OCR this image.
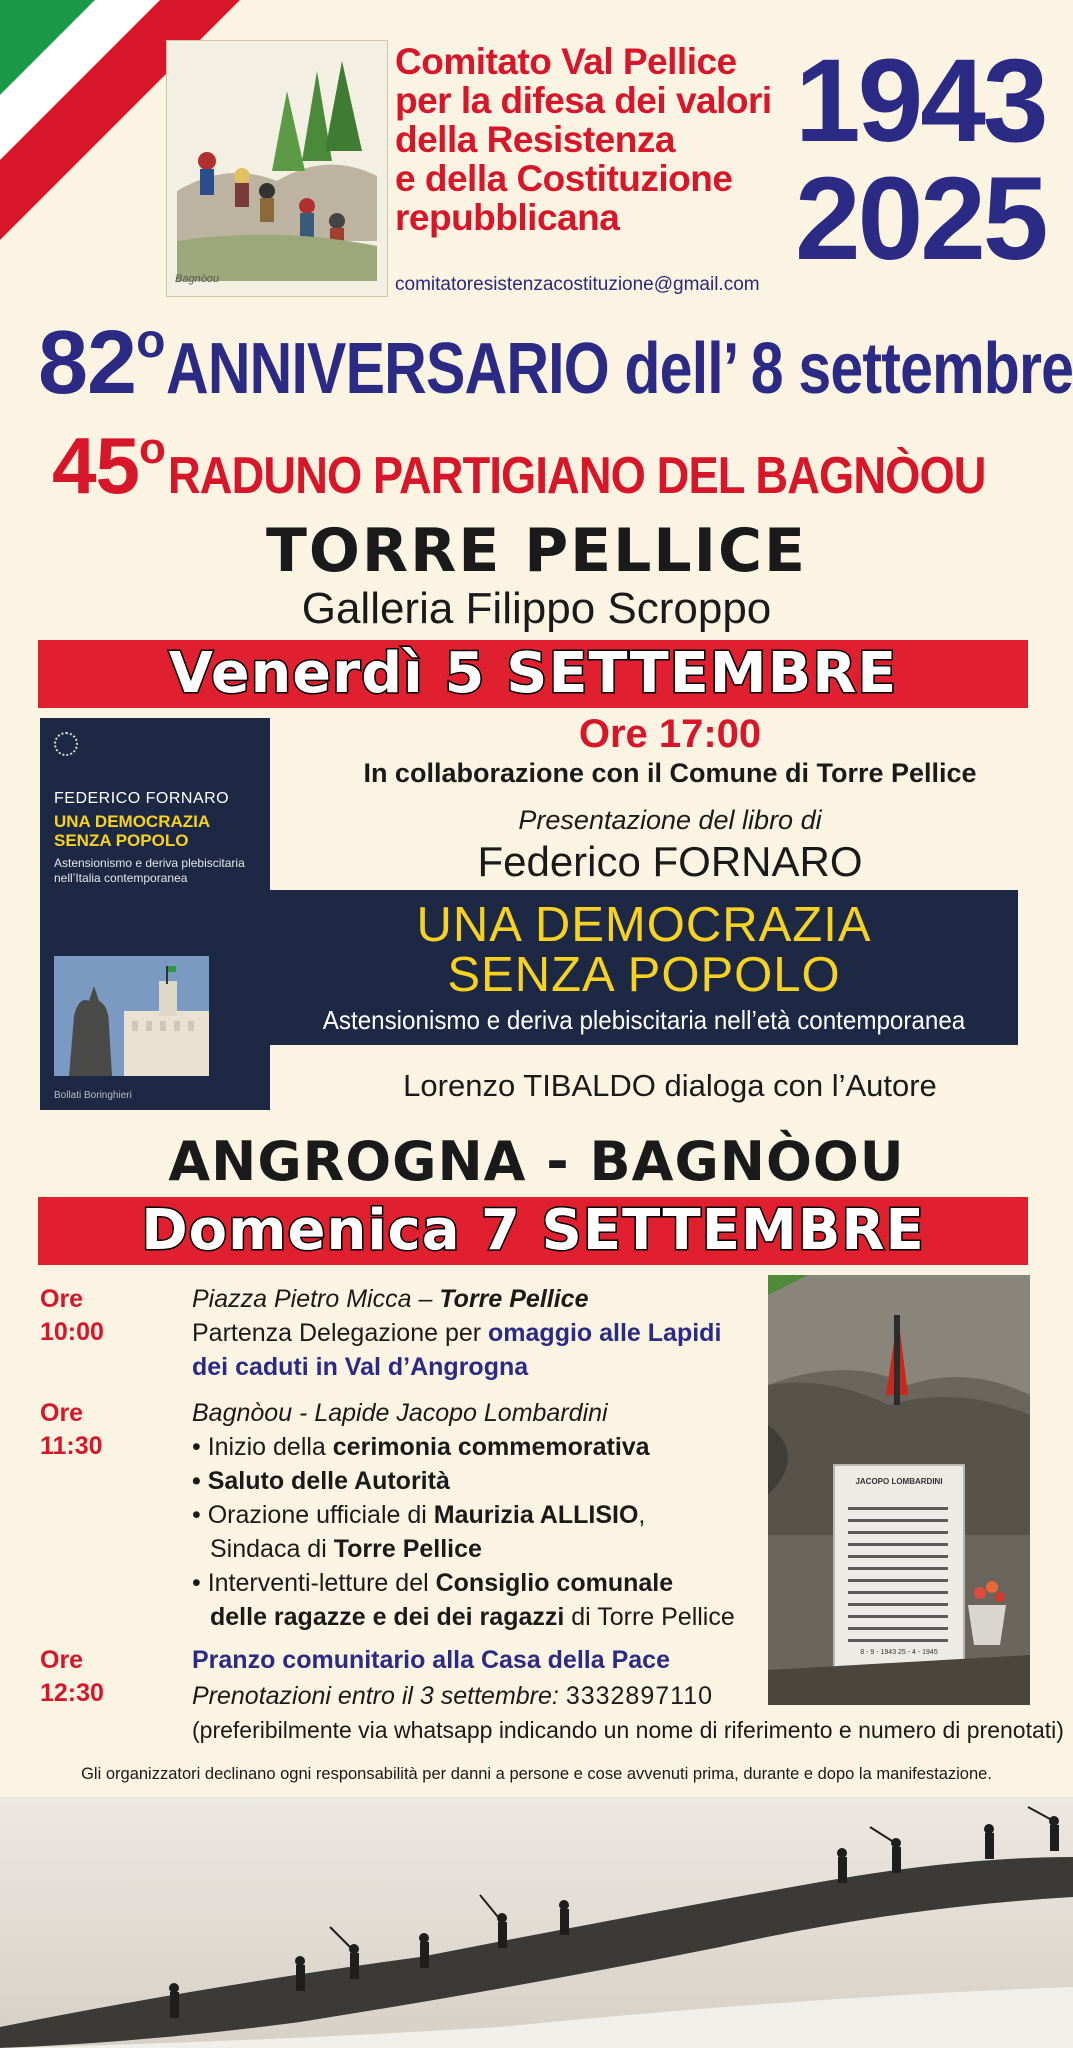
Bagnòou
Comitato Val Pellice
per la difesa dei valori
della Resistenza
e della Costituzione
repubblicana
comitatoresistenzacostituzione@gmail.com
1943
2025
82$^o$ ANNIVERSARIO dell’ 8 settembre
45$^o$ RADUNO PARTIGIANO DEL BAGNÒOU
TORRE PELLICE
Galleria Filippo Scroppo
Venerdì 5 SETTEMBRE
FEDERICO FORNARO
UNA DEMOCRAZIA
SENZA POPOLO
Astensionismo e deriva plebiscitaria
nell’Italia contemporanea
Bollati Boringhieri
Ore 17:00
In collaborazione con il Comune di Torre Pellice
Presentazione del libro di
Federico FORNARO
UNA DEMOCRAZIA
SENZA POPOLO
Astensionismo e deriva plebiscitaria nell’età contemporanea
Lorenzo TIBALDO dialoga con l’Autore
ANGROGNA - BAGNÒOU
Domenica 7 SETTEMBRE
Ore 10:00
Piazza Pietro Micca – Torre Pellice
Partenza Delegazione per omaggio alle Lapidi
dei caduti in Val d’Angrogna
Ore 11:30
Bagnòou - Lapide Jacopo Lombardini
• Inizio della cerimonia commemorativa
• Saluto delle Autorità
• Orazione ufficiale di Maurizia ALLISIO,
Sindaca di Torre Pellice
• Interventi-letture del Consiglio comunale
delle ragazze e dei dei ragazzi di Torre Pellice
Ore 12:30
Pranzo comunitario alla Casa della Pace
Prenotazioni entro il 3 settembre: 3332897110
(preferibilmente via whatsapp indicando un nome di riferimento e numero di prenotati)
JACOPO LOMBARDINI
8 - 9 - 1943 25 - 4 - 1945
Gli organizzatori declinano ogni responsabilità per danni a persone e cose avvenuti prima, durante e dopo la manifestazione.
